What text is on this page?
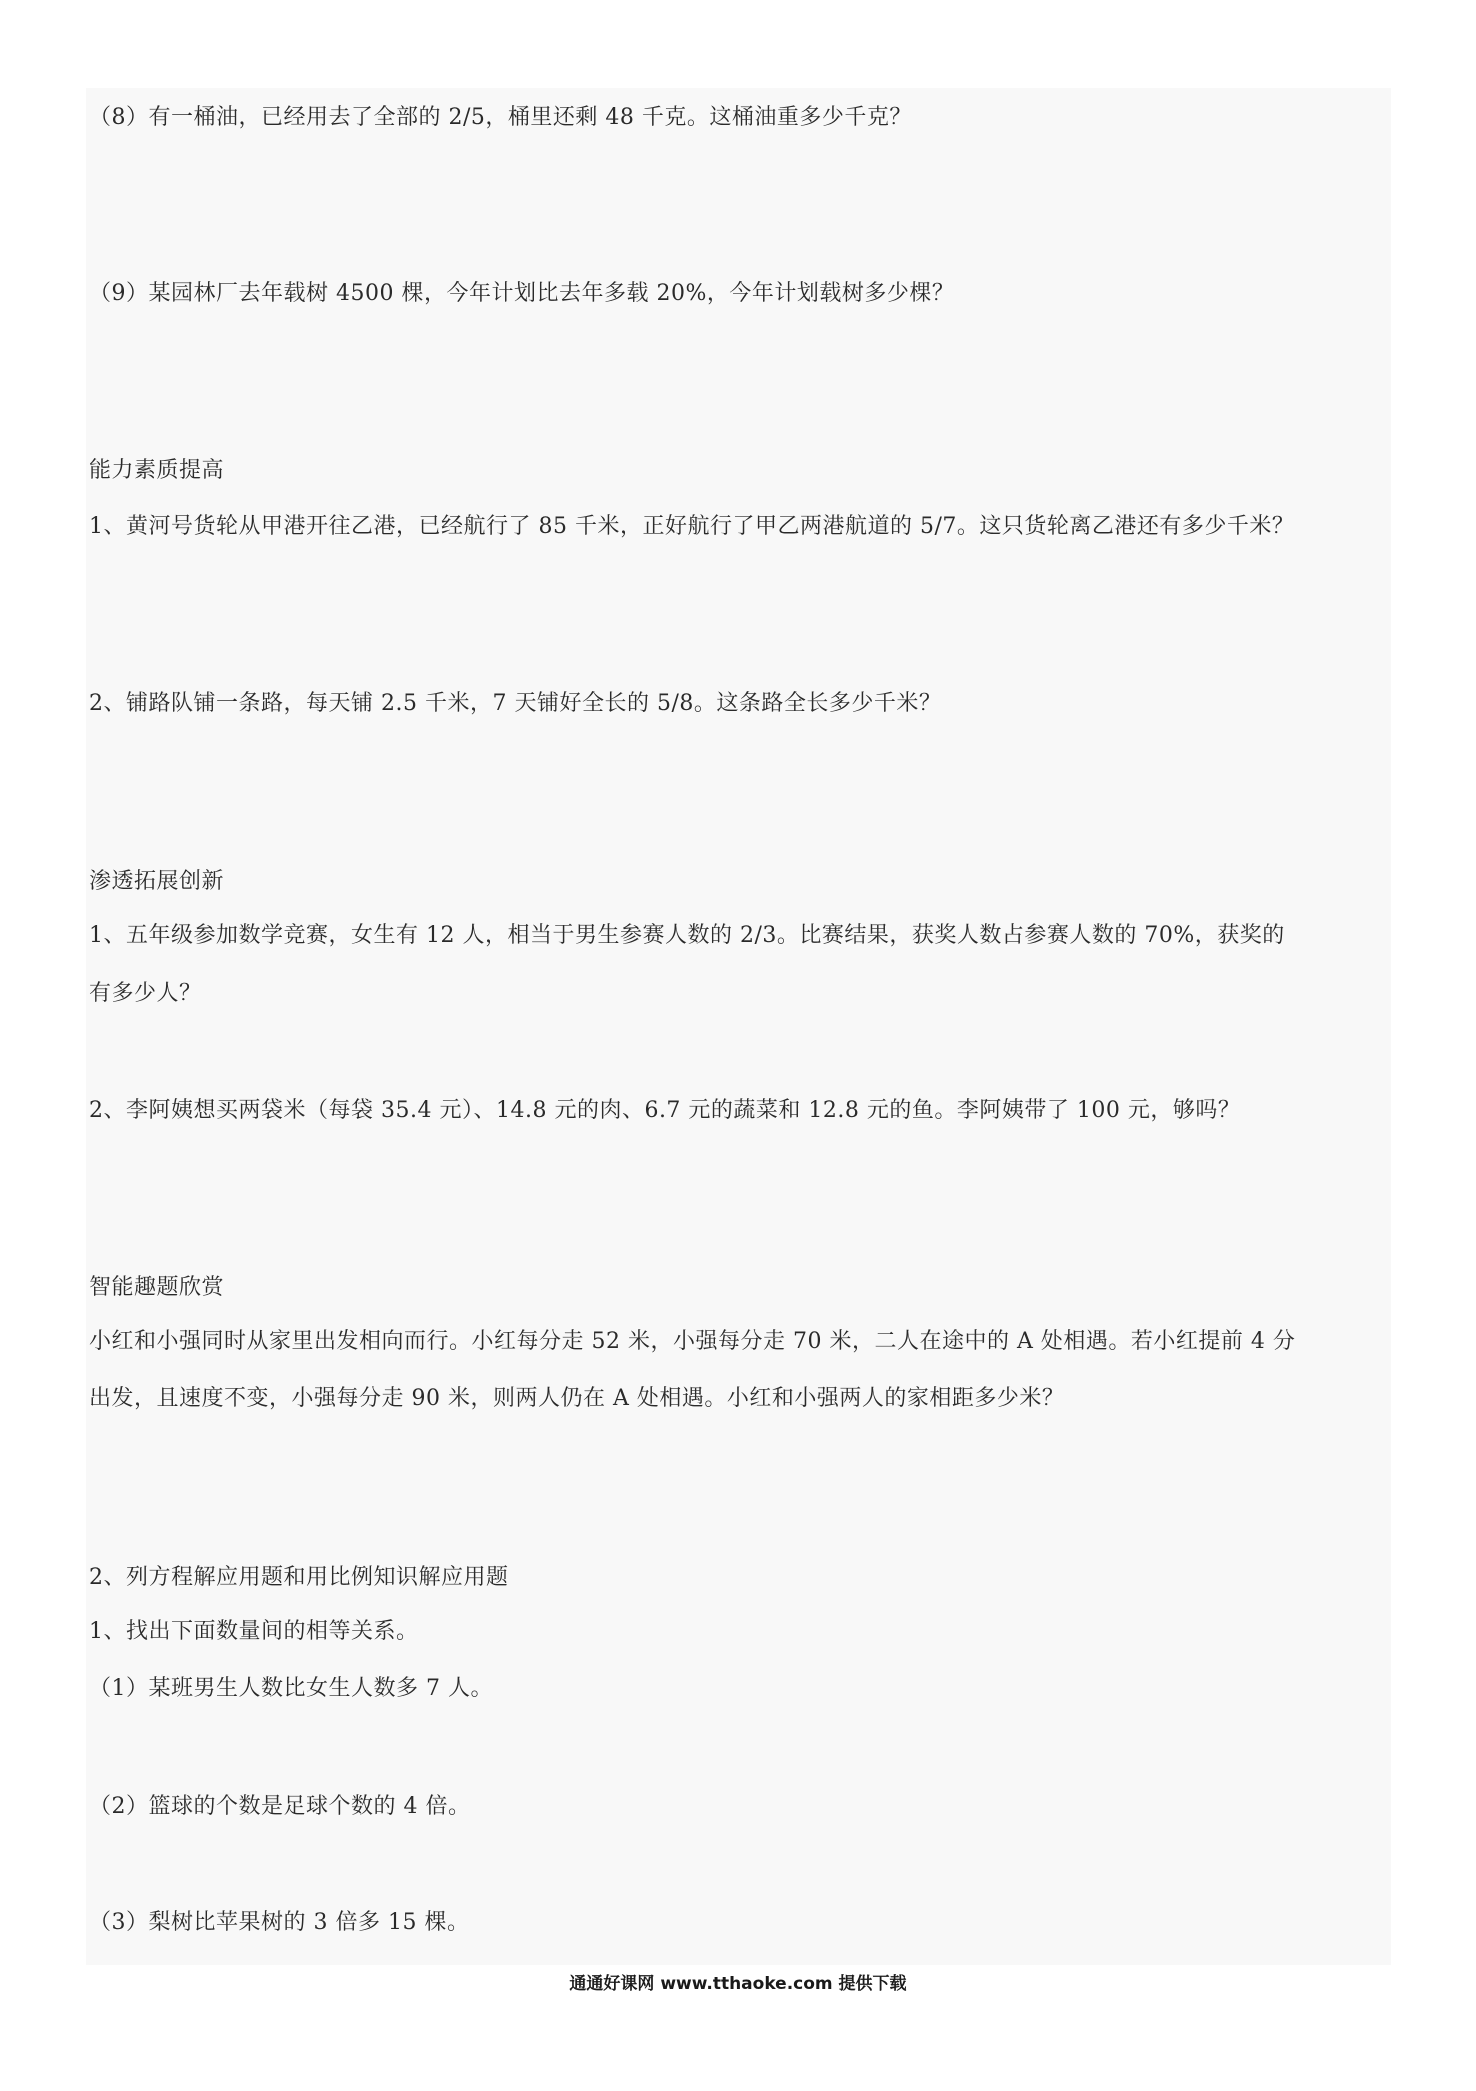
（8）有一桶油，已经用去了全部的 2/5，桶里还剩 48 千克。这桶油重多少千克？
（9）某园林厂去年载树 4500 棵，今年计划比去年多载 20%，今年计划载树多少棵？
能力素质提高
1、黄河号货轮从甲港开往乙港，已经航行了 85 千米，正好航行了甲乙两港航道的 5/7。这只货轮离乙港还有多少千米？
2、铺路队铺一条路，每天铺 2.5 千米，7 天铺好全长的 5/8。这条路全长多少千米？
渗透拓展创新
1、五年级参加数学竞赛，女生有 12 人，相当于男生参赛人数的 2/3。比赛结果，获奖人数占参赛人数的 70%，获奖的
有多少人？
2、李阿姨想买两袋米（每袋 35.4 元）、14.8 元的肉、6.7 元的蔬菜和 12.8 元的鱼。李阿姨带了 100 元，够吗？
智能趣题欣赏
小红和小强同时从家里出发相向而行。小红每分走 52 米，小强每分走 70 米，二人在途中的 A 处相遇。若小红提前 4 分
出发，且速度不变，小强每分走 90 米，则两人仍在 A 处相遇。小红和小强两人的家相距多少米？
2、列方程解应用题和用比例知识解应用题
1、找出下面数量间的相等关系。
（1）某班男生人数比女生人数多 7 人。
（2）篮球的个数是足球个数的 4 倍。
（3）梨树比苹果树的 3 倍多 15 棵。
通通好课网 www.tthaoke.com 提供下载
